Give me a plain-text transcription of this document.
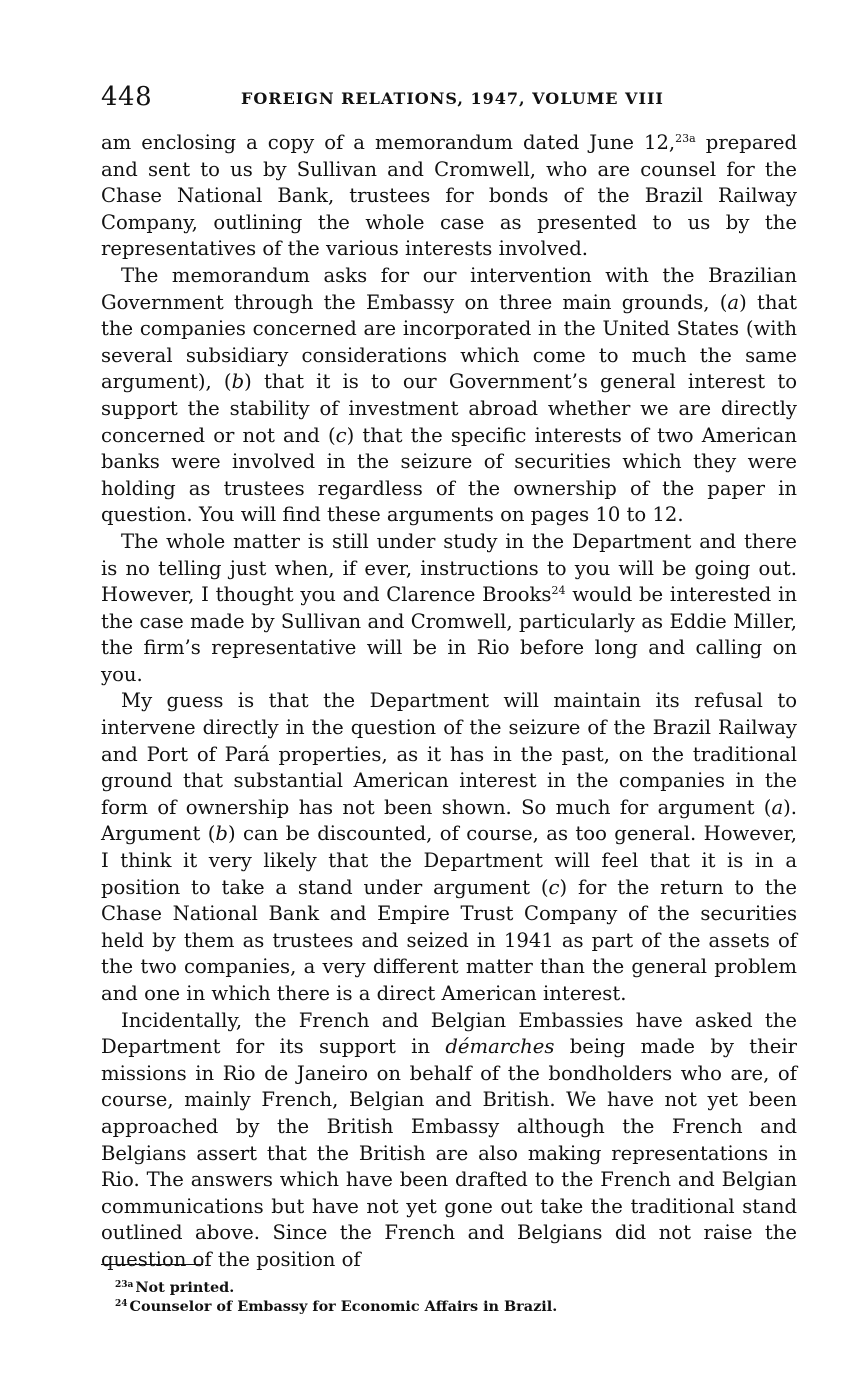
448	FOREIGN RELATIONS, 1947, VOLUME VIII

am enclosing a copy of a memorandum dated June 12,$^{23a}$ prepared and sent to us by Sullivan and Cromwell, who are counsel for the Chase National Bank, trustees for bonds of the Brazil Railway Company, outlining the whole case as presented to us by the representatives of the various interests involved.

The memorandum asks for our intervention with the Brazilian Government through the Embassy on three main grounds, (a) that the companies concerned are incorporated in the United States (with several subsidiary considerations which come to much the same argument), (b) that it is to our Government’s general interest to support the stability of investment abroad whether we are directly concerned or not and (c) that the specific interests of two American banks were involved in the seizure of securities which they were holding as trustees regardless of the ownership of the paper in question. You will find these arguments on pages 10 to 12.

The whole matter is still under study in the Department and there is no telling just when, if ever, instructions to you will be going out. However, I thought you and Clarence Brooks$^{24}$ would be interested in the case made by Sullivan and Cromwell, particularly as Eddie Miller, the firm’s representative will be in Rio before long and calling on you.

My guess is that the Department will maintain its refusal to intervene directly in the question of the seizure of the Brazil Railway and Port of Pará properties, as it has in the past, on the traditional ground that substantial American interest in the companies in the form of ownership has not been shown. So much for argument (a). Argument (b) can be discounted, of course, as too general. However, I think it very likely that the Department will feel that it is in a position to take a stand under argument (c) for the return to the Chase National Bank and Empire Trust Company of the securities held by them as trustees and seized in 1941 as part of the assets of the two companies, a very different matter than the general problem and one in which there is a direct American interest.

Incidentally, the French and Belgian Embassies have asked the Department for its support in démarches being made by their missions in Rio de Janeiro on behalf of the bondholders who are, of course, mainly French, Belgian and British. We have not yet been approached by the British Embassy although the French and Belgians assert that the British are also making representations in Rio. The answers which have been drafted to the French and Belgian communications but have not yet gone out take the traditional stand outlined above. Since the French and Belgians did not raise the question of the position of

$^{23a}$ Not printed.

$^{24}$ Counselor of Embassy for Economic Affairs in Brazil.
